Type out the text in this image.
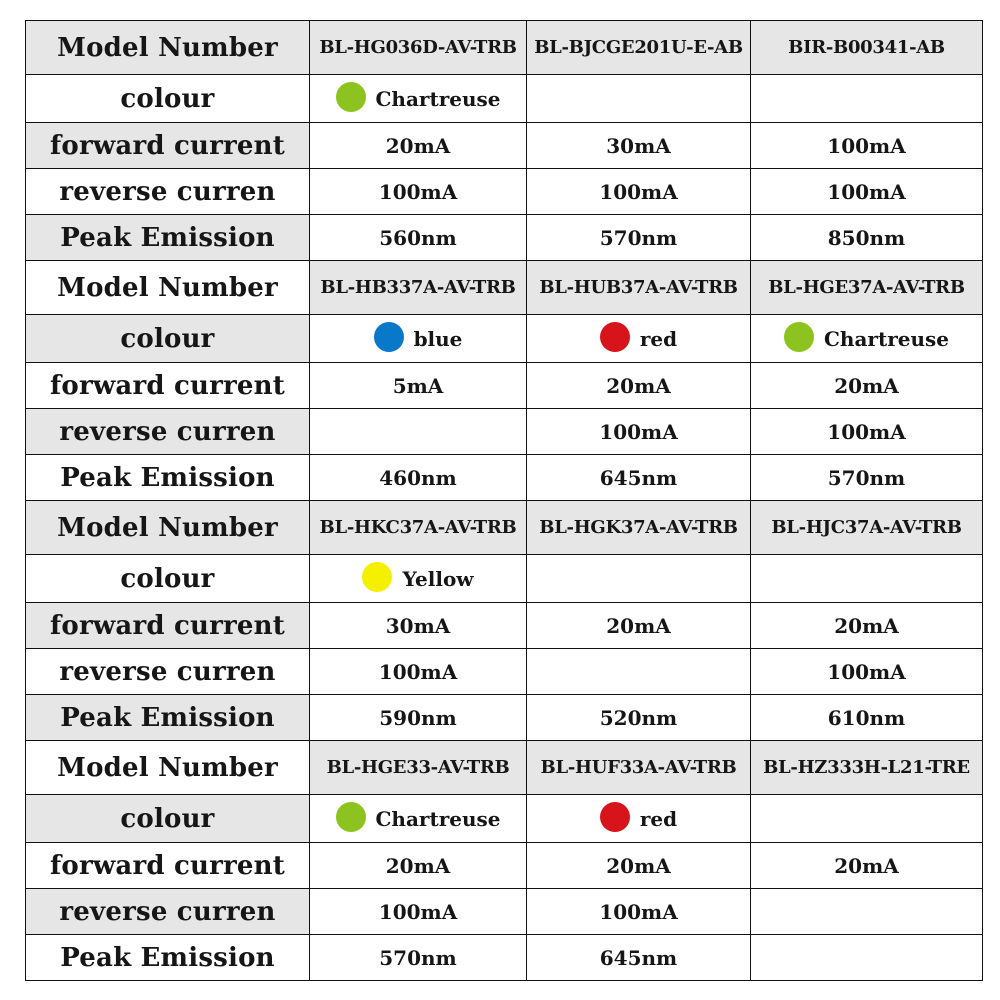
Model Number	BL-HG036D-AV-TRB	BL-BJCGE201U-E-AB	BIR-B00341-AB
colour	Chartreuse		
forward current	20mA	30mA	100mA
reverse curren	100mA	100mA	100mA
Peak Emission	560nm	570nm	850nm
Model Number	BL-HB337A-AV-TRB	BL-HUB37A-AV-TRB	BL-HGE37A-AV-TRB
colour	blue	red	Chartreuse
forward current	5mA	20mA	20mA
reverse curren		100mA	100mA
Peak Emission	460nm	645nm	570nm
Model Number	BL-HKC37A-AV-TRB	BL-HGK37A-AV-TRB	BL-HJC37A-AV-TRB
colour	Yellow		
forward current	30mA	20mA	20mA
reverse curren	100mA		100mA
Peak Emission	590nm	520nm	610nm
Model Number	BL-HGE33-AV-TRB	BL-HUF33A-AV-TRB	BL-HZ333H-L21-TRE
colour	Chartreuse	red	
forward current	20mA	20mA	20mA
reverse curren	100mA	100mA	
Peak Emission	570nm	645nm	
